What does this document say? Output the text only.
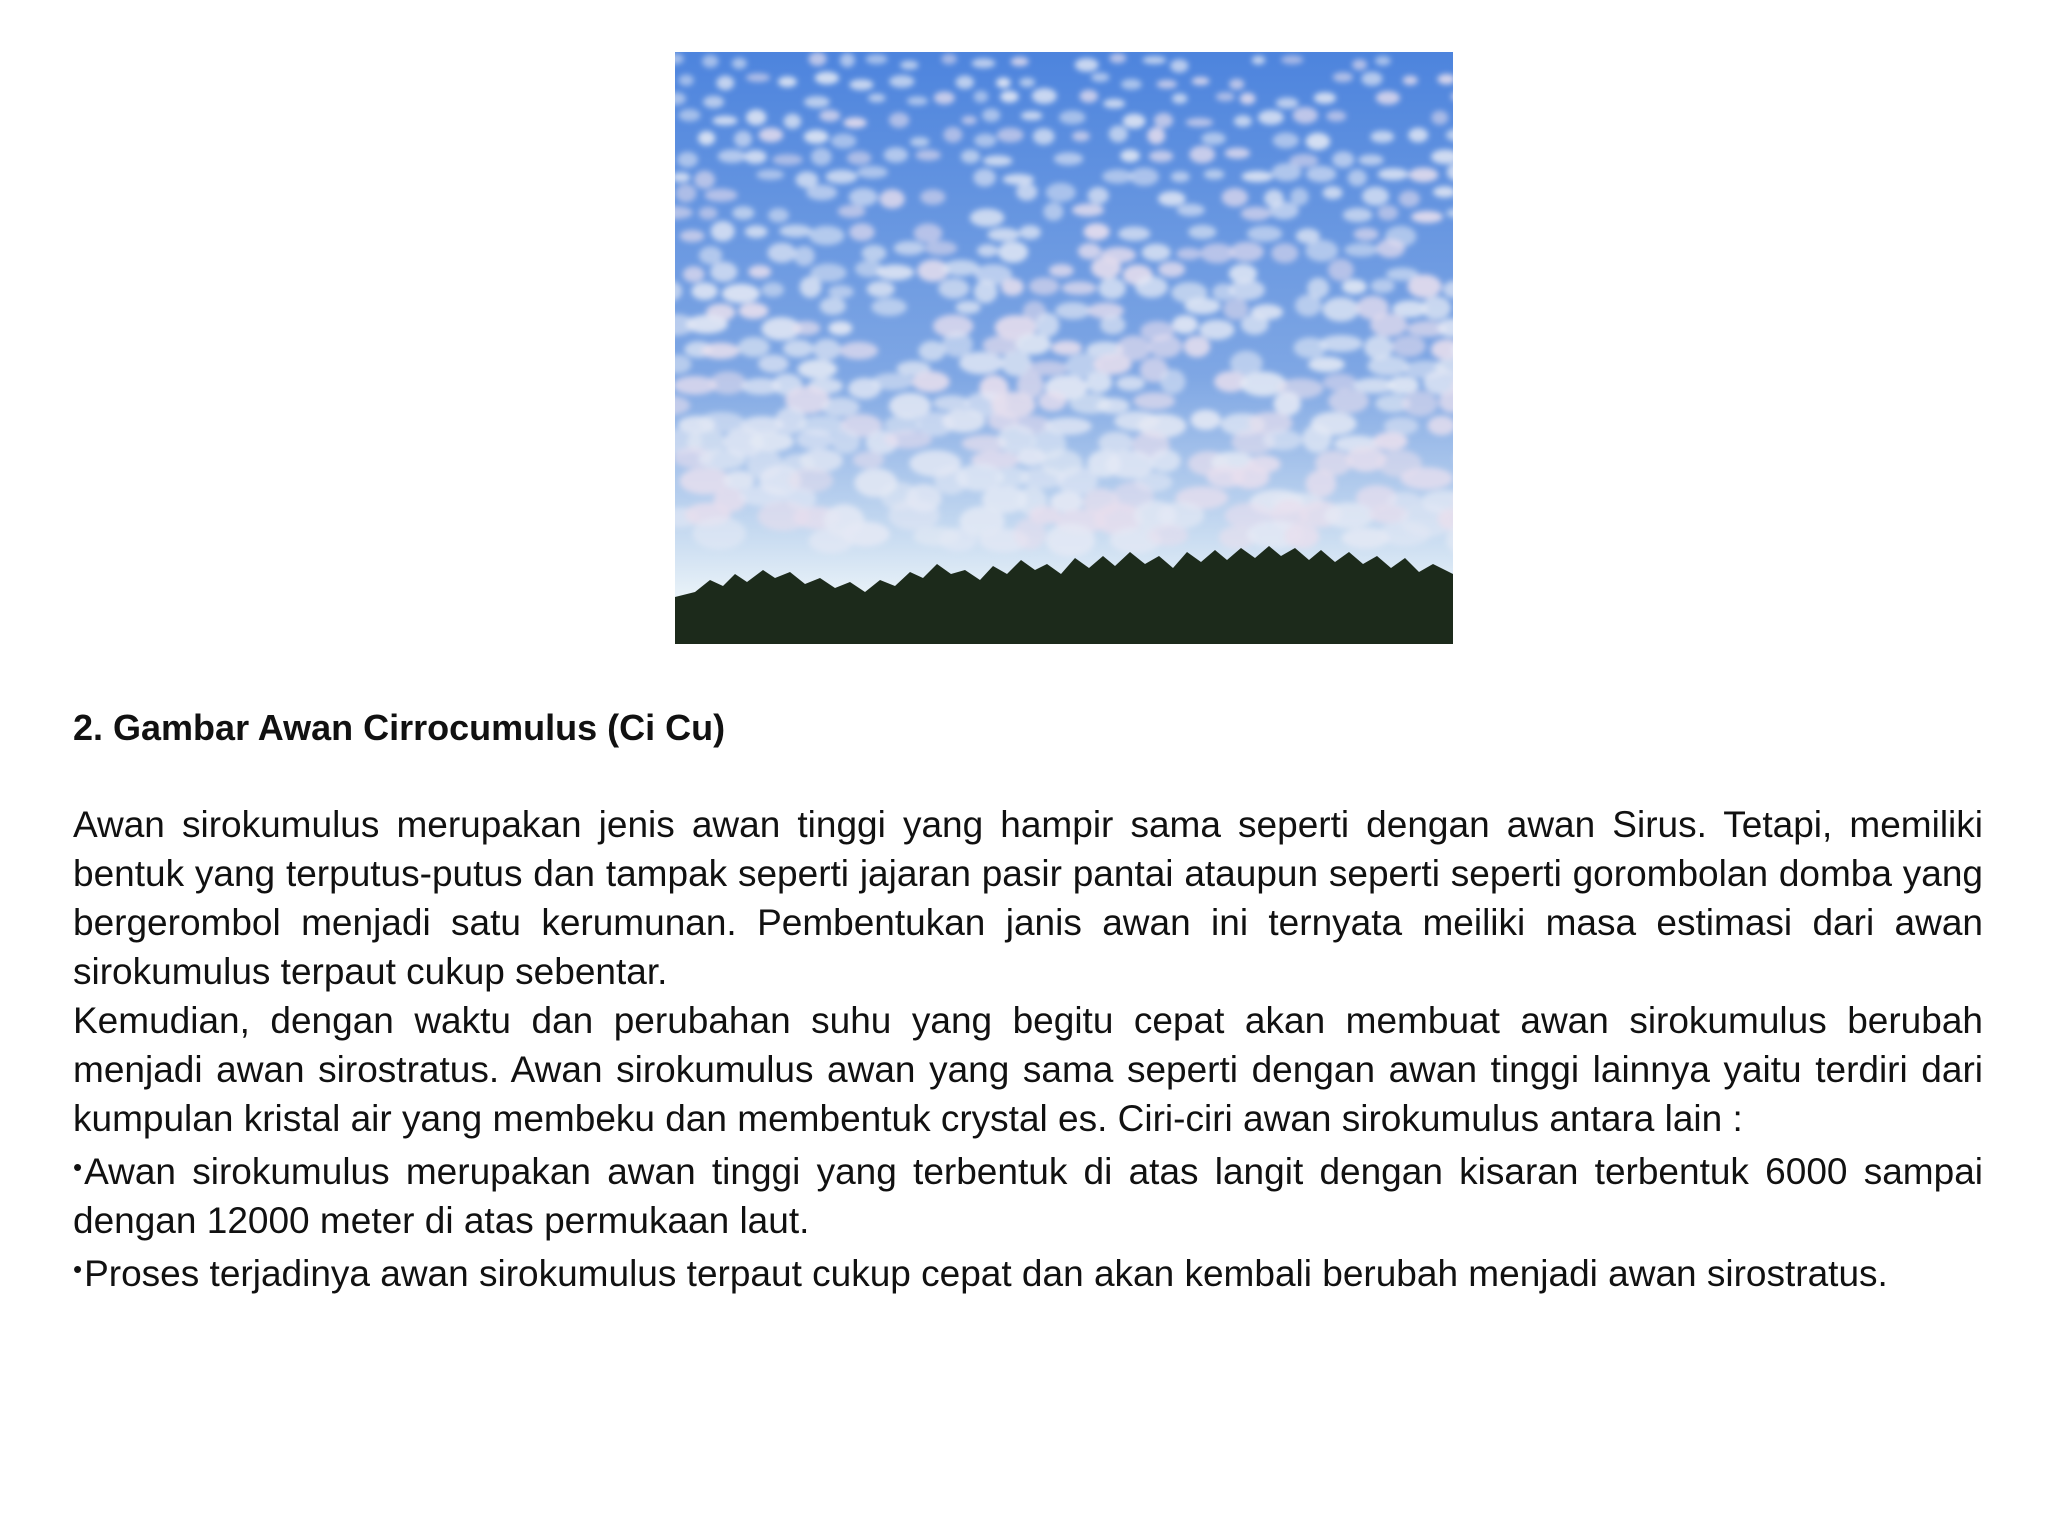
2. Gambar Awan Cirrocumulus (Ci Cu)

Awan sirokumulus merupakan jenis awan tinggi yang hampir sama seperti dengan awan Sirus. Tetapi, memiliki bentuk yang terputus-putus dan tampak seperti jajaran pasir pantai ataupun seperti seperti gorombolan domba yang bergerombol menjadi satu kerumunan. Pembentukan janis awan ini ternyata meiliki masa estimasi dari awan sirokumulus terpaut cukup sebentar.

Kemudian, dengan waktu dan perubahan suhu yang begitu cepat akan membuat awan sirokumulus berubah menjadi awan sirostratus. Awan sirokumulus awan yang sama seperti dengan awan tinggi lainnya yaitu terdiri dari kumpulan kristal air yang membeku dan membentuk crystal es. Ciri-ciri awan sirokumulus antara lain :

•Awan sirokumulus merupakan awan tinggi yang terbentuk di atas langit dengan kisaran terbentuk 6000 sampai dengan 12000 meter di atas permukaan laut.

•Proses terjadinya awan sirokumulus terpaut cukup cepat dan akan kembali berubah menjadi awan sirostratus.
